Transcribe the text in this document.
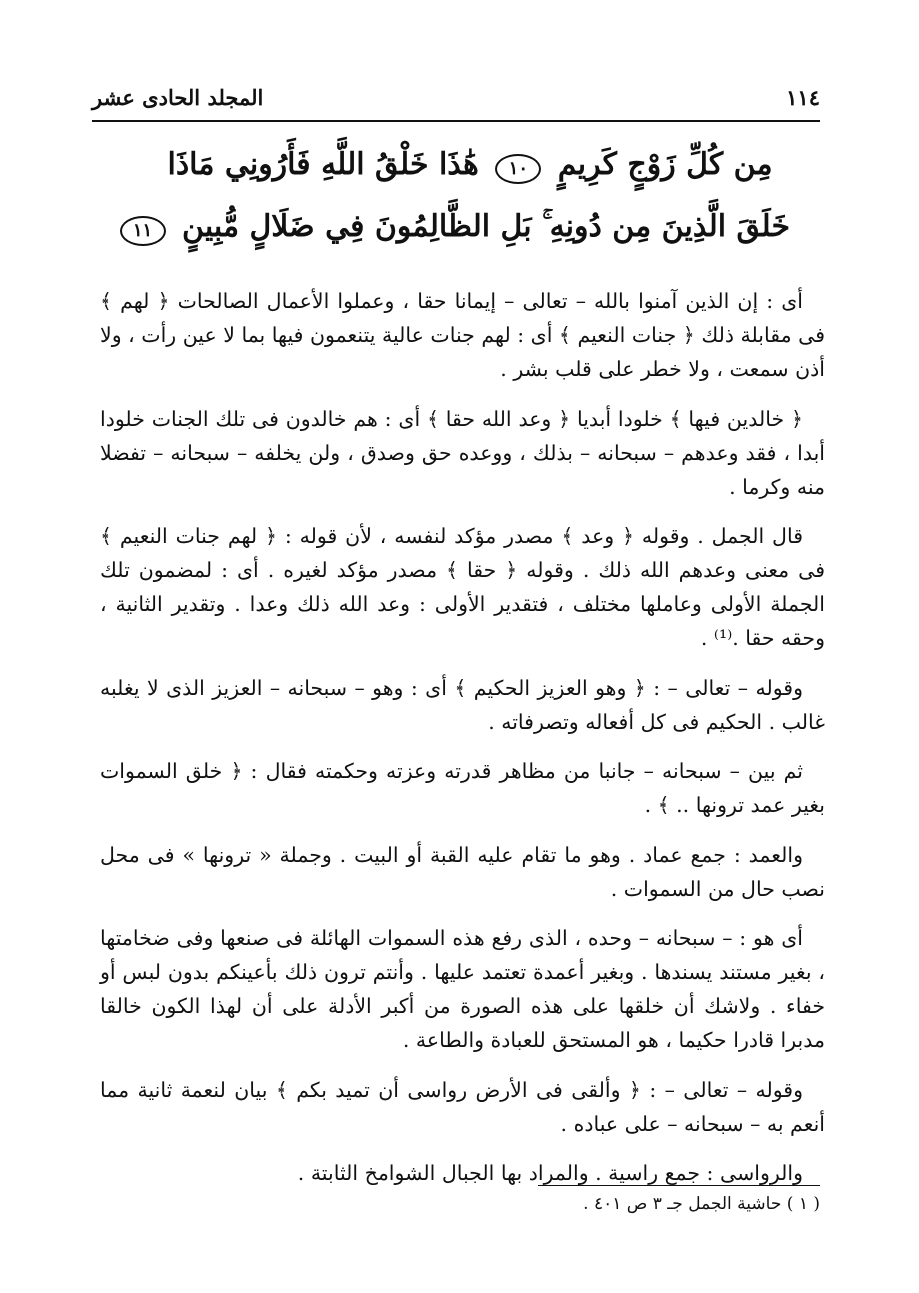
١١٤
المجلد الحادى عشر
مِن كُلِّ زَوْجٍ كَرِيمٍ ١٠ هَٰذَا خَلْقُ اللَّهِ فَأَرُونِي مَاذَا
خَلَقَ الَّذِينَ مِن دُونِهِ ۚ بَلِ الظَّالِمُونَ فِي ضَلَالٍ مُّبِينٍ ١١

أى : إن الذين آمنوا بالله – تعالى – إيمانا حقا ، وعملوا الأعمال الصالحات ﴿ لهم ﴾ فى مقابلة ذلك ﴿ جنات النعيم ﴾ أى : لهم جنات عالية يتنعمون فيها بما لا عين رأت ، ولا أذن سمعت ، ولا خطر على قلب بشر .

﴿ خالدين فيها ﴾ خلودا أبديا ﴿ وعد الله حقا ﴾ أى : هم خالدون فى تلك الجنات خلودا أبدا ، فقد وعدهم – سبحانه – بذلك ، ووعده حق وصدق ، ولن يخلفه – سبحانه – تفضلا منه وكرما .

قال الجمل . وقوله ﴿ وعد ﴾ مصدر مؤكد لنفسه ، لأن قوله : ﴿ لهم جنات النعيم ﴾ فى معنى وعدهم الله ذلك . وقوله ﴿ حقا ﴾ مصدر مؤكد لغيره . أى : لمضمون تلك الجملة الأولى وعاملها مختلف ، فتقدير الأولى : وعد الله ذلك وعدا . وتقدير الثانية ، وحقه حقا .⁽¹⁾ .

وقوله – تعالى – : ﴿ وهو العزيز الحكيم ﴾ أى : وهو – سبحانه – العزيز الذى لا يغلبه غالب . الحكيم فى كل أفعاله وتصرفاته .

ثم بين – سبحانه – جانبا من مظاهر قدرته وعزته وحكمته فقال : ﴿ خلق السموات بغير عمد ترونها .. ﴾ .

والعمد : جمع عماد . وهو ما تقام عليه القبة أو البيت . وجملة « ترونها » فى محل نصب حال من السموات .

أى هو : – سبحانه – وحده ، الذى رفع هذه السموات الهائلة فى صنعها وفى ضخامتها ، بغير مستند يسندها . وبغير أعمدة تعتمد عليها . وأنتم ترون ذلك بأعينكم بدون لبس أو خفاء . ولاشك أن خلقها على هذه الصورة من أكبر الأدلة على أن لهذا الكون خالقا مدبرا قادرا حكيما ، هو المستحق للعبادة والطاعة .

وقوله – تعالى – : ﴿ وألقى فى الأرض رواسى أن تميد بكم ﴾ بيان لنعمة ثانية مما أنعم به – سبحانه – على عباده .

والرواسى : جمع راسية . والمراد بها الجبال الشوامخ الثابتة .

( ١ ) حاشية الجمل جـ ٣ ص ٤٠١ .
